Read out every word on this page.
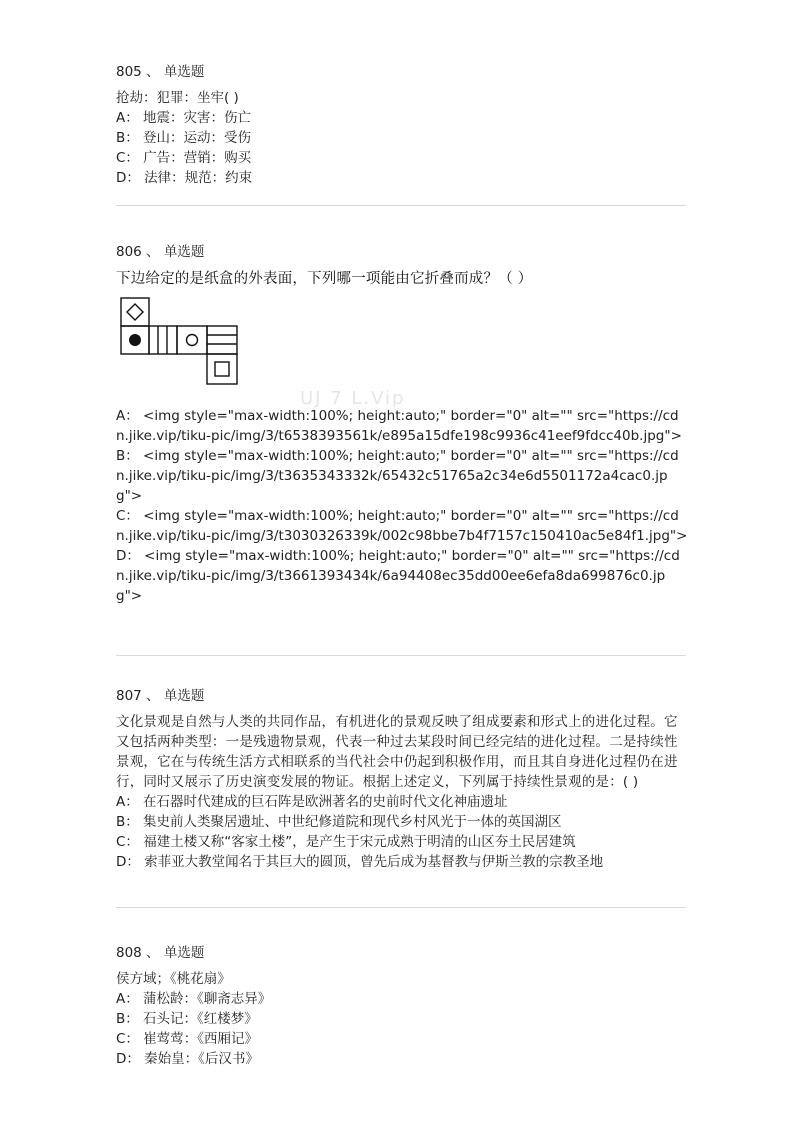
805 、 单选题
抢劫：犯罪：坐牢( )
A： 地震：灾害：伤亡
B： 登山：运动：受伤
C： 广告：营销：购买
D： 法律：规范：约束
806 、 单选题
下边给定的是纸盒的外表面，下列哪一项能由它折叠而成？（ ）
A： <img style="max-width:100%; height:auto;" border="0" alt="" src="https://cdn.jike.vip/tiku-pic/img/3/t6538393561k/e895a15dfe198c9936c41eef9fdcc40b.jpg">
B： <img style="max-width:100%; height:auto;" border="0" alt="" src="https://cdn.jike.vip/tiku-pic/img/3/t3635343332k/65432c51765a2c34e6d5501172a4cac0.jpg">
C： <img style="max-width:100%; height:auto;" border="0" alt="" src="https://cdn.jike.vip/tiku-pic/img/3/t3030326339k/002c98bbe7b4f7157c150410ac5e84f1.jpg">
D： <img style="max-width:100%; height:auto;" border="0" alt="" src="https://cdn.jike.vip/tiku-pic/img/3/t3661393434k/6a94408ec35dd00ee6efa8da699876c0.jpg">
UJ 7 L.Vip
807 、 单选题
文化景观是自然与人类的共同作品，有机进化的景观反映了组成要素和形式上的进化过程。它又包括两种类型：一是残遗物景观，代表一种过去某段时间已经完结的进化过程。二是持续性景观，它在与传统生活方式相联系的当代社会中仍起到积极作用，而且其自身进化过程仍在进行，同时又展示了历史演变发展的物证。根据上述定义，下列属于持续性景观的是：( )
A： 在石器时代建成的巨石阵是欧洲著名的史前时代文化神庙遗址
B： 集史前人类聚居遗址、中世纪修道院和现代乡村风光于一体的英国湖区
C： 福建土楼又称“客家土楼”，是产生于宋元成熟于明清的山区夯土民居建筑
D： 索菲亚大教堂闻名于其巨大的圆顶，曾先后成为基督教与伊斯兰教的宗教圣地
808 、 单选题
侯方域；《桃花扇》
A： 蒲松龄：《聊斋志异》
B： 石头记：《红楼梦》
C： 崔莺莺：《西厢记》
D： 秦始皇：《后汉书》
